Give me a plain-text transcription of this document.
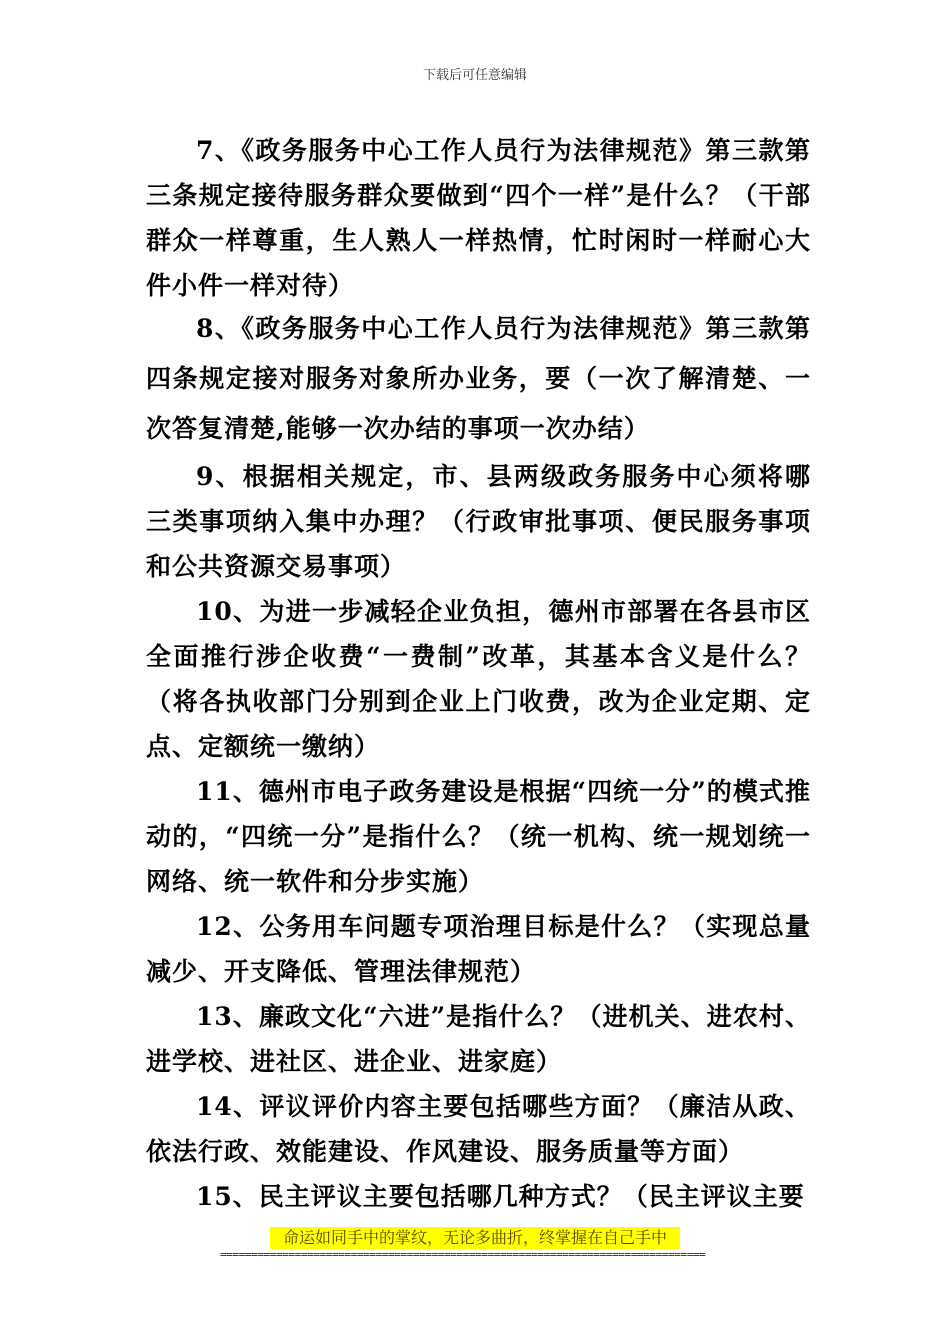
下载后可任意编辑

7、《政务服务中心工作人员行为法律规范》第三款第三条规定接待服务群众要做到“四个一样”是什么？（干部群众一样尊重，生人熟人一样热情，忙时闲时一样耐心大件小件一样对待）

8、《政务服务中心工作人员行为法律规范》第三款第四条规定接对服务对象所办业务，要（一次了解清楚、一次答复清楚,能够一次办结的事项一次办结）

9、根据相关规定，市、县两级政务服务中心须将哪三类事项纳入集中办理？（行政审批事项、便民服务事项和公共资源交易事项）

10、为进一步减轻企业负担，德州市部署在各县市区全面推行涉企收费“一费制”改革，其基本含义是什么？（将各执收部门分别到企业上门收费，改为企业定期、定点、定额统一缴纳）

11、德州市电子政务建设是根据“四统一分”的模式推动的，“四统一分”是指什么？（统一机构、统一规划统一网络、统一软件和分步实施）

12、公务用车问题专项治理目标是什么？（实现总量减少、开支降低、管理法律规范）

13、廉政文化“六进”是指什么？（进机关、进农村、进学校、进社区、进企业、进家庭）

14、评议评价内容主要包括哪些方面？（廉洁从政、依法行政、效能建设、作风建设、服务质量等方面）

15、民主评议主要包括哪几种方式？（民主评议主要

命运如同手中的掌纹，无论多曲折，终掌握在自己手中
==============================================================================
